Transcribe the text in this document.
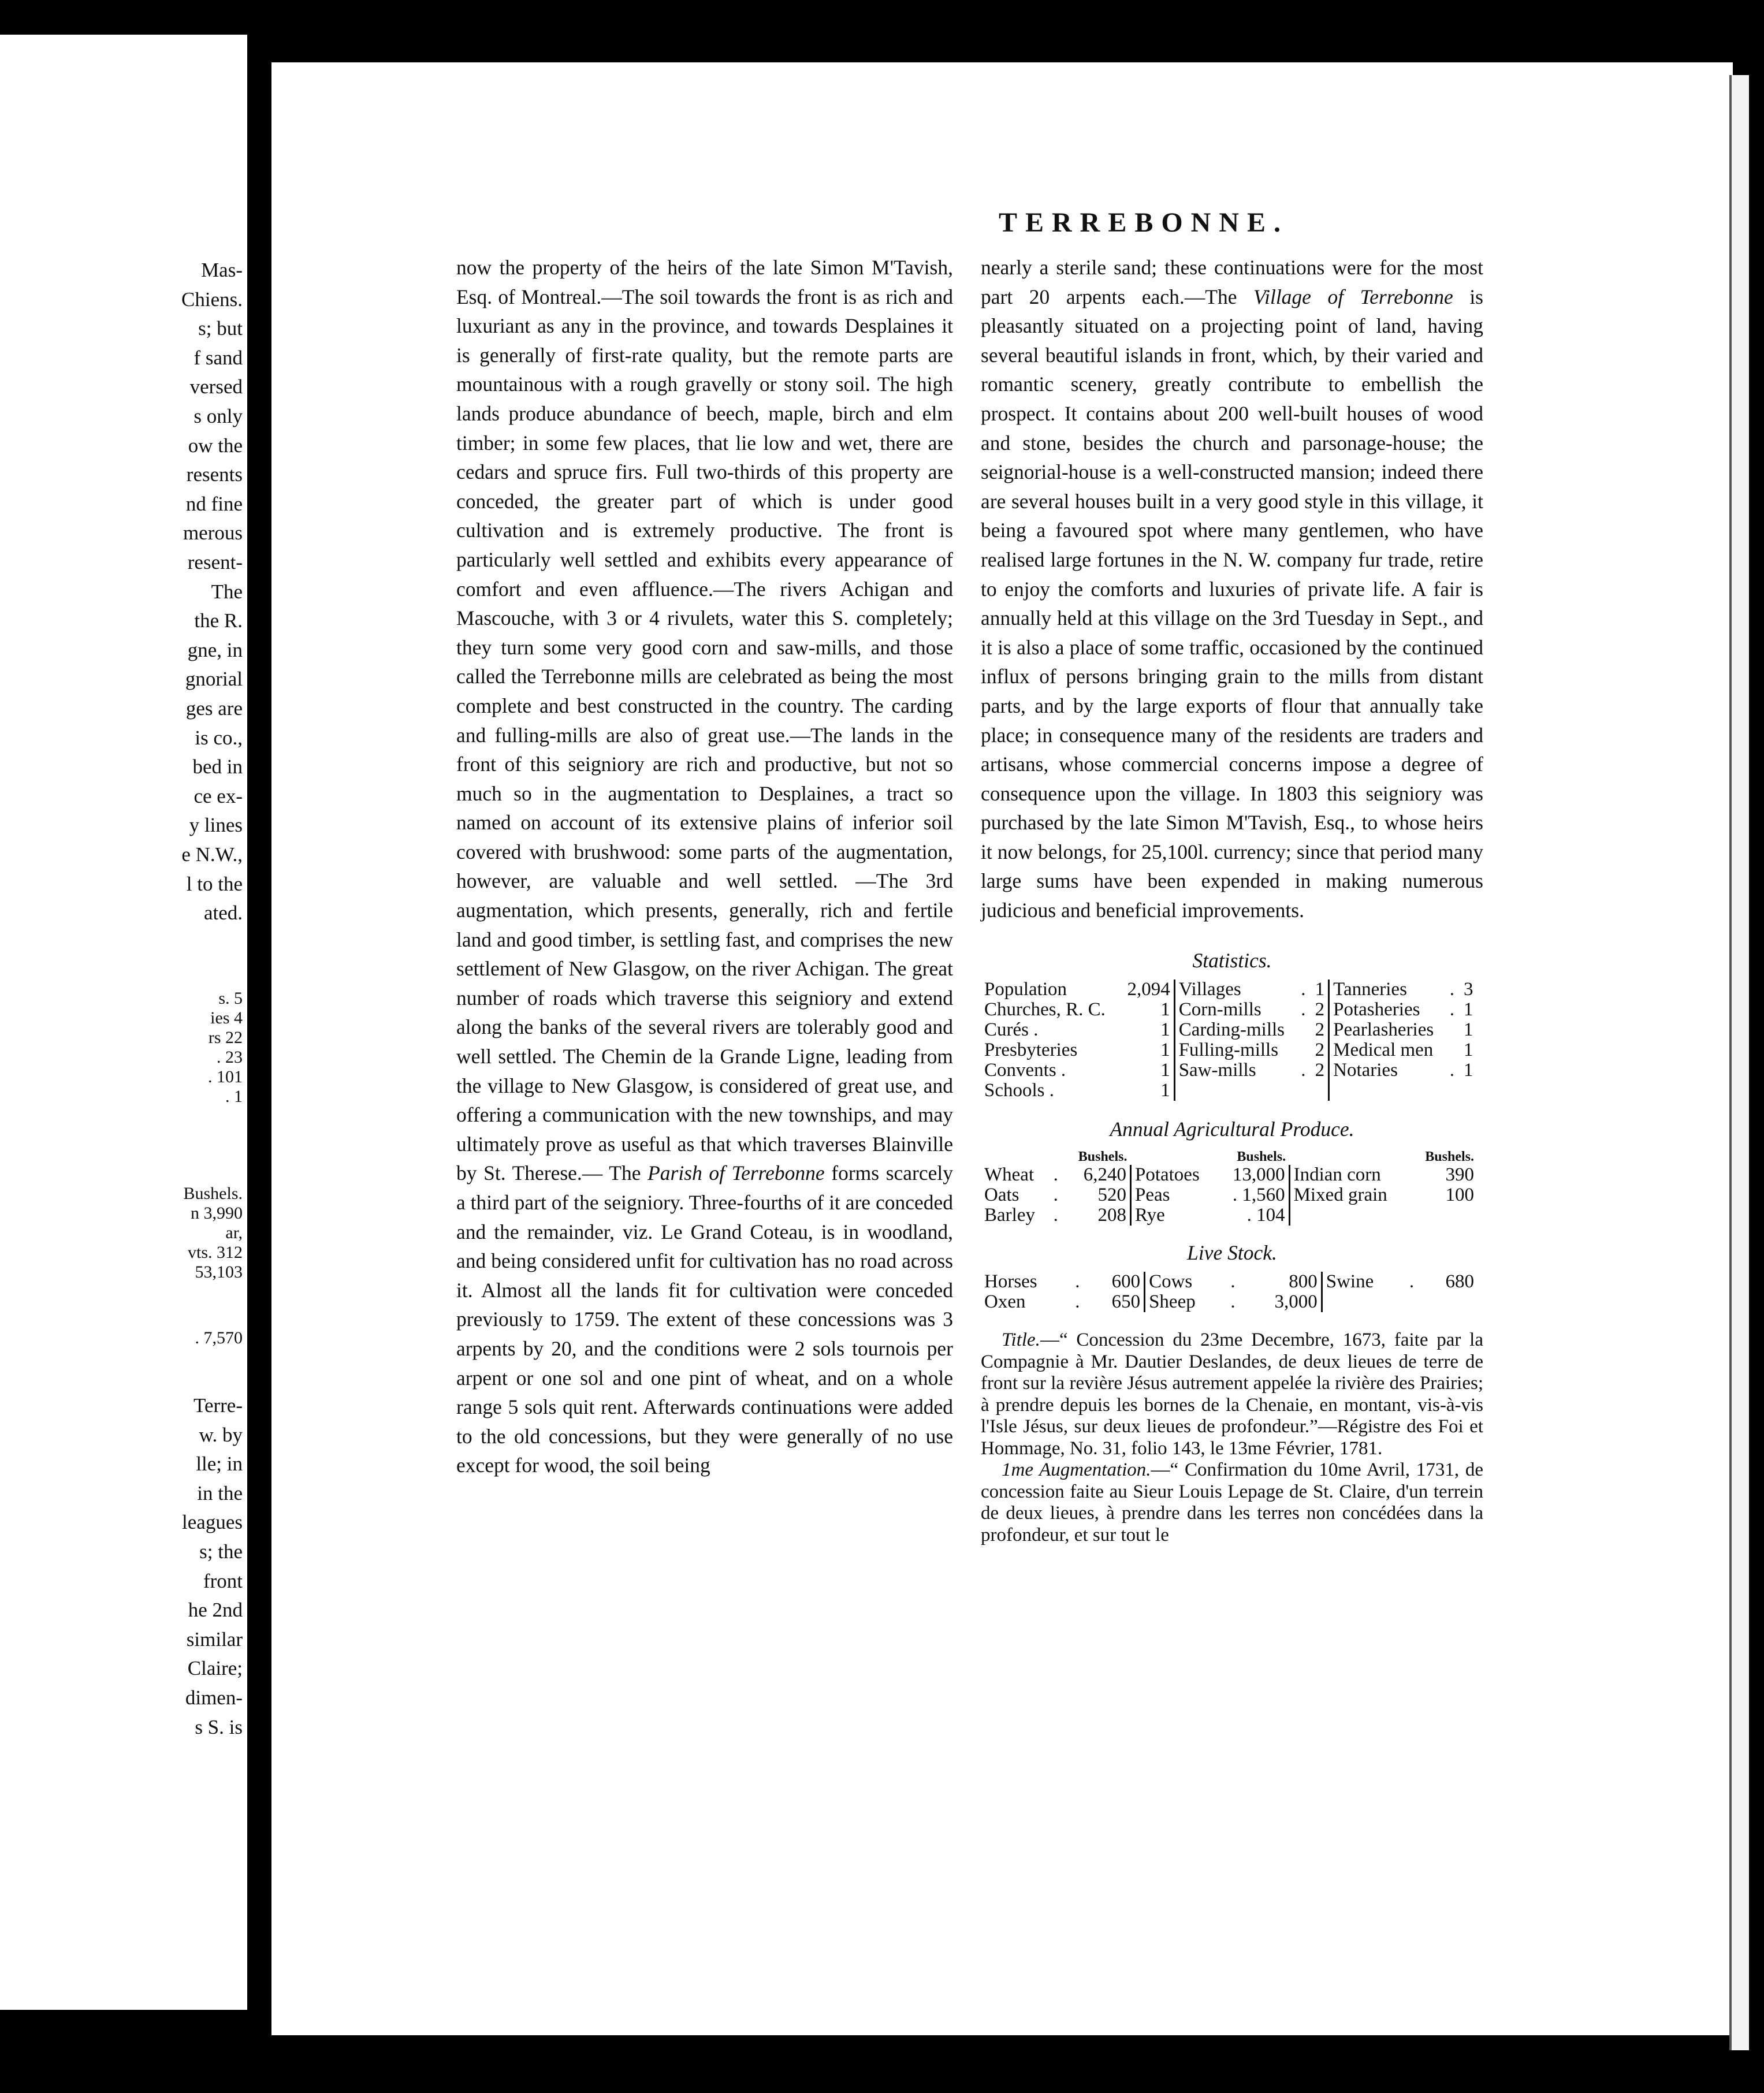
Mas-
Chiens.
s; but
f sand
versed
s only
ow the
resents
nd fine
merous
resent-
The
the R.
gne, in
gnorial
ges are
is co.,
bed in
ce ex-
y lines
e N.W.,
l to the
ated.
s. 5
ies 4
rs 22
. 23
. 101
. 1
Bushels.
n 3,990
ar,
vts. 312
53,103
. 7,570
Terre-
w. by
lle; in
in the
leagues
s; the
front
he 2nd
similar
Claire;
dimen-
s S. is
TERREBONNE.

now the property of the heirs of the late Simon M'Tavish, Esq. of Montreal.—The soil towards the front is as rich and luxuriant as any in the province, and towards Desplaines it is generally of first-rate quality, but the remote parts are mountainous with a rough gravelly or stony soil. The high lands produce abundance of beech, maple, birch and elm timber; in some few places, that lie low and wet, there are cedars and spruce firs. Full two-thirds of this property are conceded, the greater part of which is under good cultivation and is extremely productive. The front is particularly well settled and exhibits every appearance of comfort and even affluence.—The rivers Achigan and Mascouche, with 3 or 4 rivulets, water this S. completely; they turn some very good corn and saw-mills, and those called the Terrebonne mills are celebrated as being the most complete and best constructed in the country. The carding and fulling-mills are also of great use.—The lands in the front of this seigniory are rich and productive, but not so much so in the augmentation to Desplaines, a tract so named on account of its extensive plains of inferior soil covered with brushwood: some parts of the augmentation, however, are valuable and well settled. —The 3rd augmentation, which presents, generally, rich and fertile land and good timber, is settling fast, and comprises the new settlement of New Glasgow, on the river Achigan. The great number of roads which traverse this seigniory and extend along the banks of the several rivers are tolerably good and well settled. The Chemin de la Grande Ligne, leading from the village to New Glasgow, is considered of great use, and offering a communication with the new townships, and may ultimately prove as useful as that which traverses Blainville by St. Therese.— The Parish of Terrebonne forms scarcely a third part of the seigniory. Three-fourths of it are conceded and the remainder, viz. Le Grand Coteau, is in woodland, and being considered unfit for cultivation has no road across it. Almost all the lands fit for cultivation were conceded previously to 1759. The extent of these concessions was 3 arpents by 20, and the conditions were 2 sols tournois per arpent or one sol and one pint of wheat, and on a whole range 5 sols quit rent. Afterwards continuations were added to the old concessions, but they were generally of no use except for wood, the soil being

nearly a sterile sand; these continuations were for the most part 20 arpents each.—The Village of Terrebonne is pleasantly situated on a projecting point of land, having several beautiful islands in front, which, by their varied and romantic scenery, greatly contribute to embellish the prospect. It contains about 200 well-built houses of wood and stone, besides the church and parsonage-house; the seignorial-house is a well-constructed mansion; indeed there are several houses built in a very good style in this village, it being a favoured spot where many gentlemen, who have realised large fortunes in the N. W. company fur trade, retire to enjoy the comforts and luxuries of private life. A fair is annually held at this village on the 3rd Tuesday in Sept., and it is also a place of some traffic, occasioned by the continued influx of persons bringing grain to the mills from distant parts, and by the large exports of flour that annually take place; in consequence many of the residents are traders and artisans, whose commercial concerns impose a degree of consequence upon the village. In 1803 this seigniory was purchased by the late Simon M'Tavish, Esq., to whose heirs it now belongs, for 25,100l. currency; since that period many large sums have been expended in making numerous judicious and beneficial improvements.

Statistics.

Population	2,094	Villages	.	1	Tanneries	.	3
Churches, R. C.	1	Corn-mills	.	2	Potasheries	.	1
Curés .	1	Carding-mills		2	Pearlasheries		1
Presbyteries	1	Fulling-mills		2	Medical men		1
Convents .	1	Saw-mills	.	2	Notaries	.	1
Schools .	1						

Annual Agricultural Produce.

		Bushels.		Bushels.		Bushels.
Wheat	.	6,240	Potatoes	13,000	Indian corn	390
Oats	.	520	Peas	. 1,560	Mixed grain	100
Barley	.	208	Rye	. 104		

Live Stock.

Horses	.	600	Cows	.	800	Swine	.	680
Oxen	.	650	Sheep	.	3,000			

Title.—“ Concession du 23me Decembre, 1673, faite par la Compagnie à Mr. Dautier Deslandes, de deux lieues de terre de front sur la revière Jésus autrement appelée la rivière des Prairies; à prendre depuis les bornes de la Chenaie, en montant, vis-à-vis l'Isle Jésus, sur deux lieues de profondeur.”—Régistre des Foi et Hommage, No. 31, folio 143, le 13me Février, 1781.

1me Augmentation.—“ Confirmation du 10me Avril, 1731, de concession faite au Sieur Louis Lepage de St. Claire, d'un terrein de deux lieues, à prendre dans les terres non concédées dans la profondeur, et sur tout le
